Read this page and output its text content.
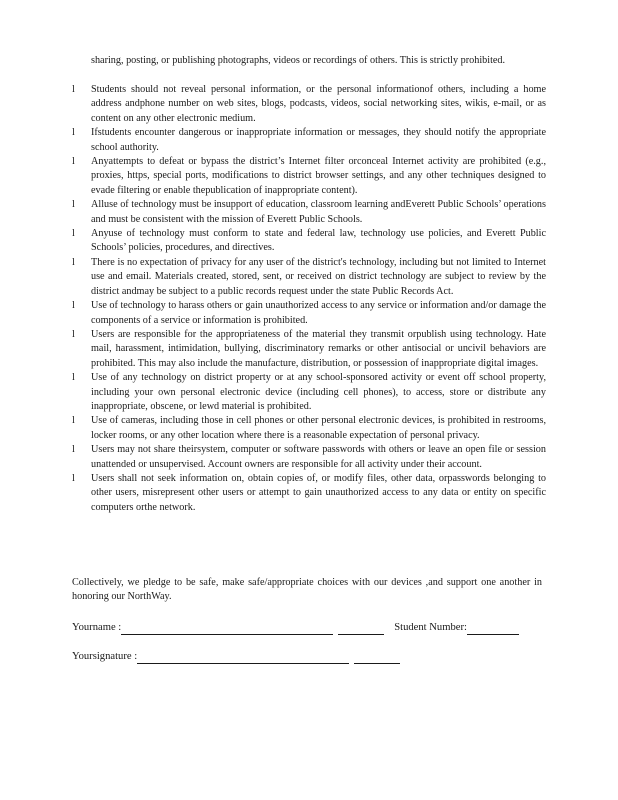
sharing, posting, or publishing photographs, videos or recordings of others. This is strictly prohibited.
l	Students should not reveal personal information, or the personal informationof others, including a home address andphone number on web sites, blogs, podcasts, videos, social networking sites, wikis, e-mail, or as content on any other electronic medium.
l	Ifstudents encounter dangerous or inappropriate information or messages, they should notify the appropriate school authority.
l	Anyattempts to defeat or bypass the district’s Internet filter orconceal Internet activity are prohibited (e.g., proxies, https, special ports, modifications to district browser settings, and any other techniques designed to evade filtering or enable thepublication of inappropriate content).
l	Alluse of technology must be insupport of education, classroom learning andEverett Public Schools’ operations and must be consistent with the mission of Everett Public Schools.
l	Anyuse of technology must conform to state and federal law, technology use policies, and Everett Public Schools’ policies, procedures, and directives.
l	There is no expectation of privacy for any user of the district's technology, including but not limited to Internet use and email. Materials created, stored, sent, or received on district technology are subject to review by the district andmay be subject to a public records request under the state Public Records Act.
l	Use of technology to harass others or gain unauthorized access to any service or information and/or damage the components of a service or information is prohibited.
l	Users are responsible for the appropriateness of the material they transmit orpublish using technology. Hate mail, harassment, intimidation, bullying, discriminatory remarks or other antisocial or uncivil behaviors are prohibited. This may also include the manufacture, distribution, or possession of inappropriate digital images.
l	Use of any technology on district property or at any school-sponsored activity or event off school property, including your own personal electronic device (including cell phones), to access, store or distribute any inappropriate, obscene, or lewd material is prohibited.
l	Use of cameras, including those in cell phones or other personal electronic devices, is prohibited in restrooms, locker rooms, or any other location where there is a reasonable expectation of personal privacy.
l	Users may not share theirsystem, computer or software passwords with others or leave an open file or session unattended or unsupervised. Account owners are responsible for all activity under their account.
l	Users shall not seek information on, obtain copies of, or modify files, other data, orpasswords belonging to other users, misrepresent other users or attempt to gain unauthorized access to any data or entity on specific computers orthe network.
Collectively, we pledge to be safe, make safe/appropriate choices with our devices ,and support one another in honoring our NorthWay.
Yourname :	Student Number:
Yoursignature :
